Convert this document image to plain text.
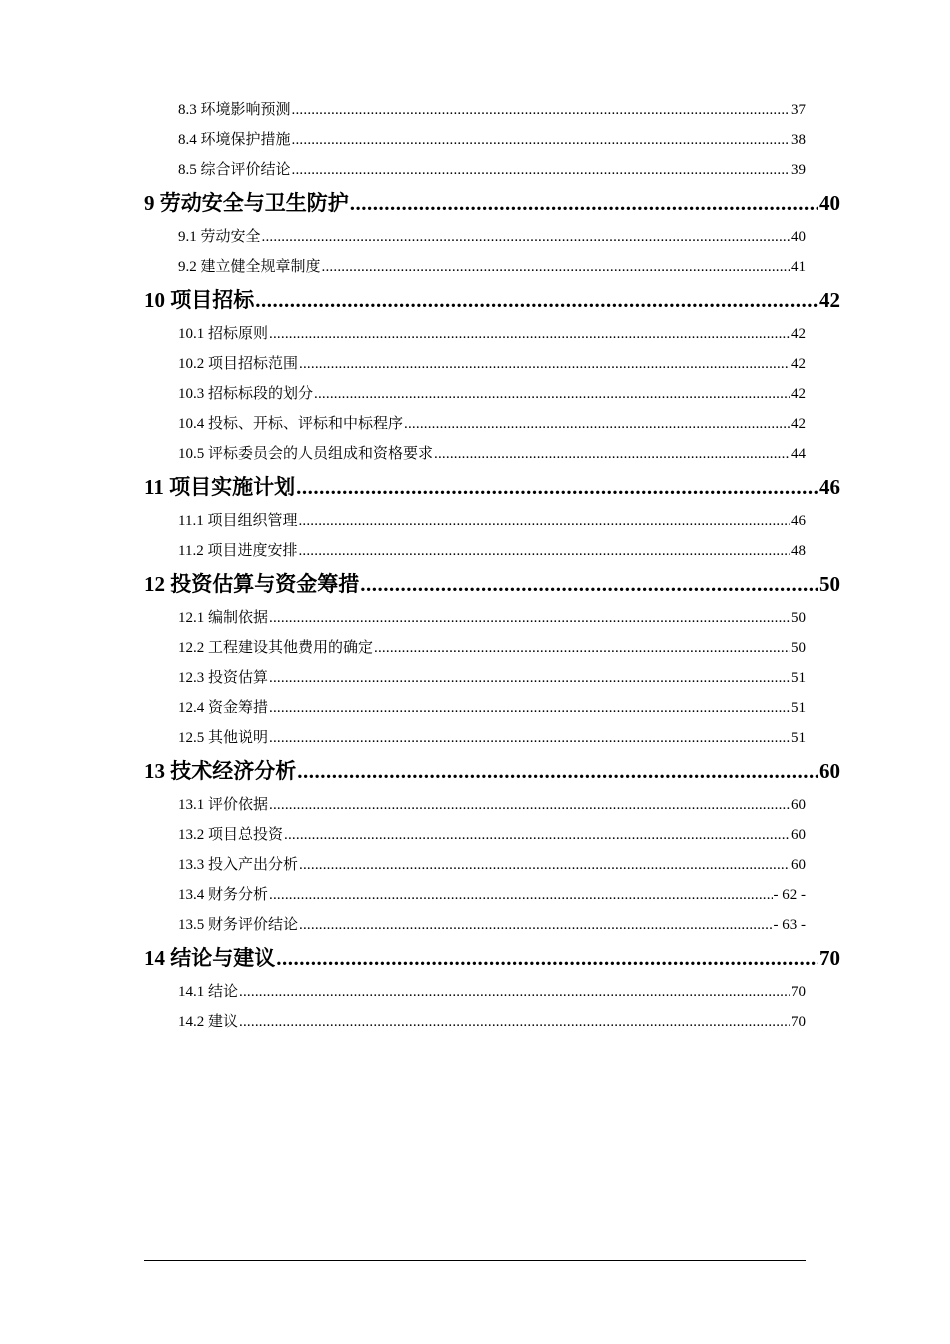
8.3 环境影响预测 .....	37
8.4 环境保护措施 .....	38
8.5 综合评价结论 .....	39
9 劳动安全与卫生防护 .....	40
9.1 劳动安全 .....	40
9.2 建立健全规章制度 .....	41
10 项目招标 .....	42
10.1 招标原则 .....	42
10.2 项目招标范围 .....	42
10.3 招标标段的划分 .....	42
10.4 投标、开标、评标和中标程序 .....	42
10.5 评标委员会的人员组成和资格要求 .....	44
11 项目实施计划 .....	46
11.1 项目组织管理 .....	46
11.2 项目进度安排 .....	48
12 投资估算与资金筹措 .....	50
12.1 编制依据 .....	50
12.2 工程建设其他费用的确定 .....	50
12.3 投资估算 .....	51
12.4 资金筹措 .....	51
12.5 其他说明 .....	51
13 技术经济分析 .....	60
13.1 评价依据 .....	60
13.2 项目总投资 .....	60
13.3 投入产出分析 .....	60
13.4 财务分析 .....	- 62 -
13.5 财务评价结论 .....	- 63 -
14 结论与建议 .....	70
14.1 结论 .....	70
14.2 建议 .....	70
